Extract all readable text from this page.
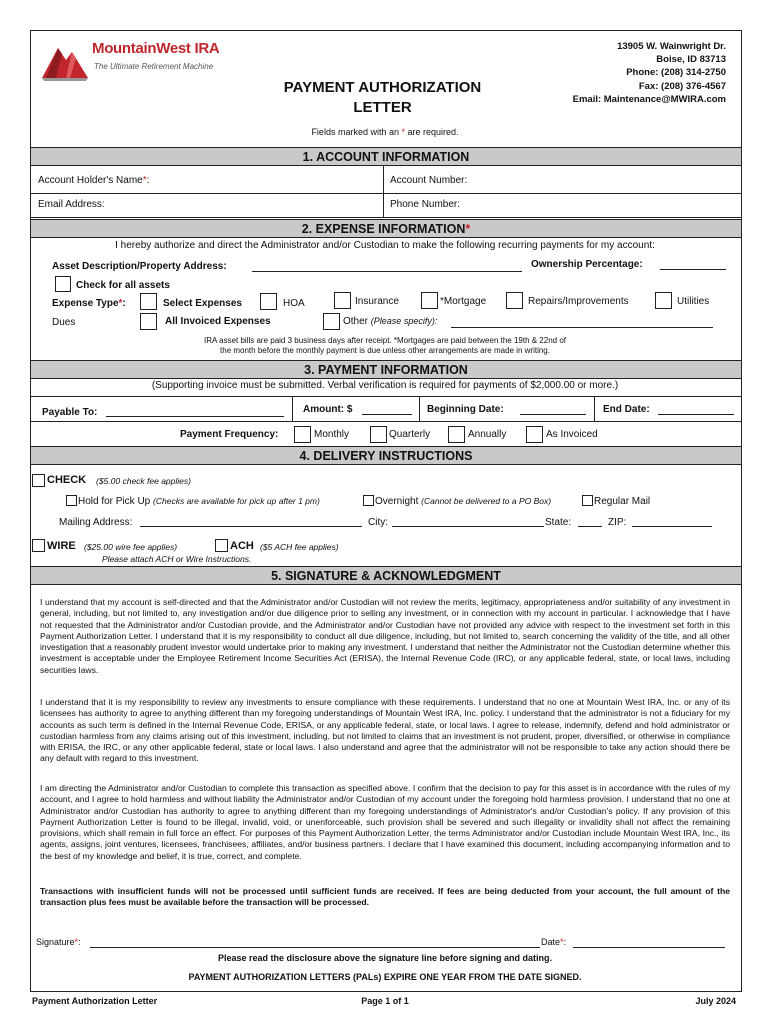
MountainWest IRA
The Ultimate Retirement Machine
PAYMENT AUTHORIZATION
LETTER
13905 W. Wainwright Dr.
Boise, ID 83713
Phone: (208) 314-2750
Fax: (208) 376-4567
Email: Maintenance@MWIRA.com
Fields marked with an * are required.
1. ACCOUNT INFORMATION
Account Holder's Name*:	Account Number:
Email Address:	Phone Number:
2. EXPENSE INFORMATION*
I hereby authorize and direct the Administrator and/or Custodian to make the following recurring payments for my account:
Asset Description/Property Address:	Ownership Percentage:
Check for all assets
Expense Type*:	Select Expenses	HOA	Insurance	*Mortgage	Repairs/Improvements	Utilities
Dues	All Invoiced Expenses	Other (Please specify):
IRA asset bills are paid 3 business days after receipt. *Mortgages are paid between the 19th & 22nd of
the month before the monthly payment is due unless other arrangements are made in writing.
3. PAYMENT INFORMATION
(Supporting invoice must be submitted. Verbal verification is required for payments of $2,000.00 or more.)
Payable To:	Amount: $	Beginning Date:	End Date:
Payment Frequency:	Monthly	Quarterly	Annually	As Invoiced
4. DELIVERY INSTRUCTIONS
CHECK ($5.00 check fee applies)
Hold for Pick Up (Checks are available for pick up after 1 pm)	Overnight (Cannot be delivered to a PO Box)	Regular Mail
Mailing Address:	City:	State:	ZIP:
WIRE ($25.00 wire fee applies)	ACH ($5 ACH fee applies)
Please attach ACH or Wire Instructions.
5. SIGNATURE & ACKNOWLEDGMENT
I understand that my account is self-directed and that the Administrator and/or Custodian will not review the merits, legitimacy, appropriateness and/or suitability of any investment in general, including, but not limited to, any investigation and/or due diligence prior to selling any investment, or in connection with my account in particular. I acknowledge that I have not requested that the Administrator and/or Custodian provide, and the Administrator and/or Custodian have not provided any advice with respect to the investment set forth in this Payment Authorization Letter. I understand that it is my responsibility to conduct all due diligence, including, but not limited to, search concerning the validity of the title, and all other investigation that a reasonably prudent investor would undertake prior to making any investment. I understand that neither the Administrator not the Custodian determine whether this investment is acceptable under the Employee Retirement Income Securities Act (ERISA), the Internal Revenue Code (IRC), or any applicable federal, state, or local laws, including securities laws.
I understand that it is my responsibility to review any investments to ensure compliance with these requirements. I understand that no one at Mountain West IRA, Inc. or any of its licensees has authority to agree to anything different than my foregoing understandings of Mountain West IRA, Inc. policy. I understand that the administrator is not a fiduciary for my accounts as such term is defined in the Internal Revenue Code, ERISA, or any applicable federal, state, or local laws. I agree to release, indemnify, defend and hold administrator or custodian harmless from any claims arising out of this investment, including, but not limited to claims that an investment is not prudent, proper, diversified, or otherwise in compliance with ERISA, the IRC, or any other applicable federal, state or local laws. I also understand and agree that the administrator will not be responsible to take any action should there be any default with regard to this investment.
I am directing the Administrator and/or Custodian to complete this transaction as specified above. I confirm that the decision to pay for this asset is in accordance with the rules of my account, and I agree to hold harmless and without liability the Administrator and/or Custodian of my account under the foregoing hold harmless provision. I understand that no one at Administrator and/or Custodian has authority to agree to anything different than my foregoing understandings of Administrator's and/or Custodian's policy. If any provision of this Payment Authorization Letter is found to be illegal, invalid, void, or unenforceable, such provision shall be severed and such illegality or invalidity shall not affect the remaining provisions, which shall remain in full force an effect. For purposes of this Payment Authorization Letter, the terms Administrator and/or Custodian include Mountain West IRA, Inc., its agents, assigns, joint ventures, licensees, franchisees, affiliates, and/or business partners. I declare that I have examined this document, including accompanying information and to the best of my knowledge and belief, it is true, correct, and complete.
Transactions with insufficient funds will not be processed until sufficient funds are received. If fees are being deducted from your account, the full amount of the transaction plus fees must be available before the transaction will be processed.
Signature*:	Date*:
Please read the disclosure above the signature line before signing and dating.
PAYMENT AUTHORIZATION LETTERS (PALs) EXPIRE ONE YEAR FROM THE DATE SIGNED.
Payment Authorization Letter	Page 1 of 1	July 2024
